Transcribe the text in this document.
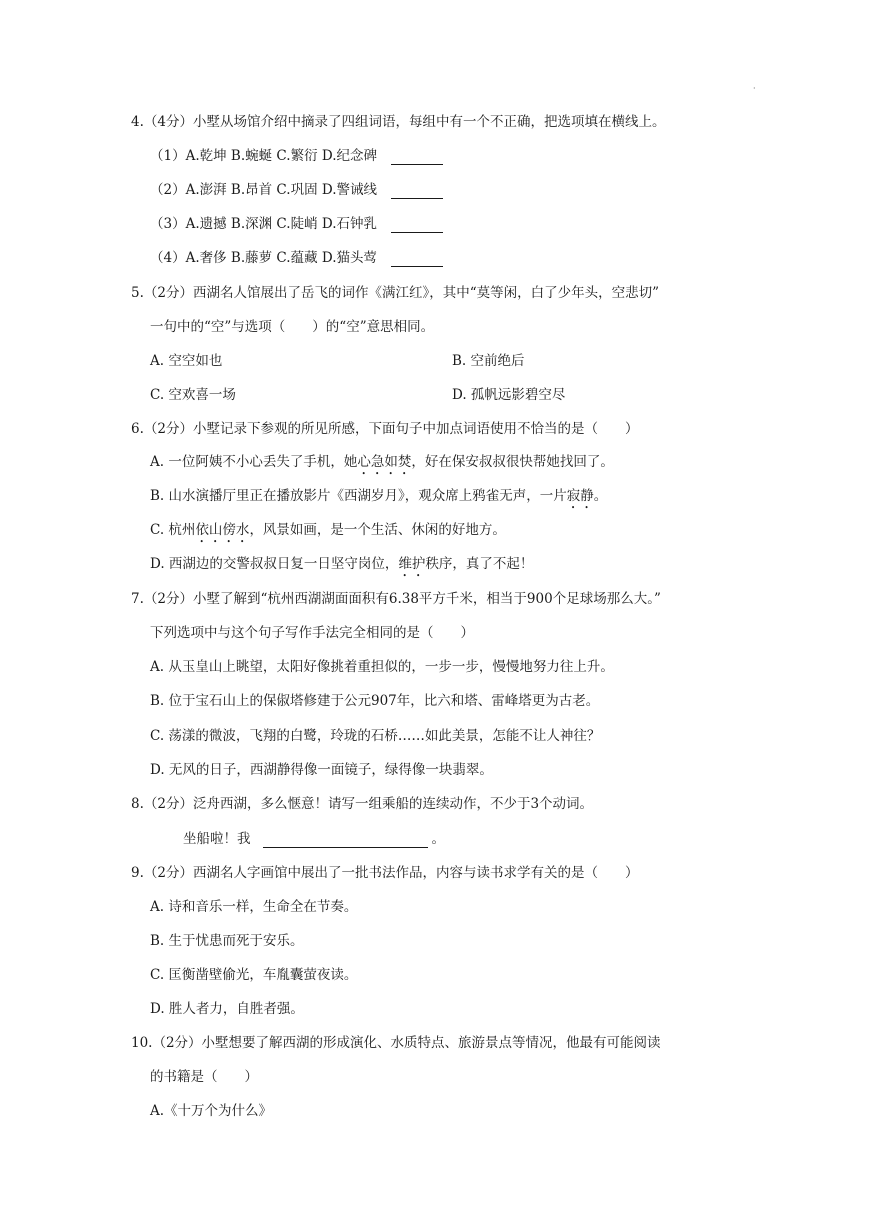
·
4.（4分）小墅从场馆介绍中摘录了四组词语，每组中有一个不正确，把选项填在横线上。
（1）A.乾坤 B.蜿蜒 C.繁衍 D.纪念碑
（2）A.澎湃 B.昂首 C.巩固 D.警诫线
（3）A.遗撼 B.深渊 C.陡峭 D.石钟乳
（4）A.奢侈 B.藤萝 C.蕴藏 D.猫头莺
5.（2分）西湖名人馆展出了岳飞的词作《满江红》，其中“莫等闲，白了少年头，空悲切”
一句中的“空”与选项（　　）的“空”意思相同。
A. 空空如也	B. 空前绝后
C. 空欢喜一场	D. 孤帆远影碧空尽
6.（2分）小墅记录下参观的所见所感，下面句子中加点词语使用不恰当的是（　　）
A. 一位阿姨不小心丢失了手机，她心急如焚，好在保安叔叔很快帮她找回了。
B. 山水演播厅里正在播放影片《西湖岁月》，观众席上鸦雀无声，一片寂静。
C. 杭州依山傍水，风景如画，是一个生活、休闲的好地方。
D. 西湖边的交警叔叔日复一日坚守岗位，维护秩序，真了不起！
7.（2分）小墅了解到“杭州西湖湖面面积有6.38平方千米，相当于900个足球场那么大。”
下列选项中与这个句子写作手法完全相同的是（　　）
A. 从玉皇山上眺望，太阳好像挑着重担似的，一步一步，慢慢地努力往上升。
B. 位于宝石山上的保俶塔修建于公元907年，比六和塔、雷峰塔更为古老。
C. 荡漾的微波，飞翔的白鹭，玲珑的石桥……如此美景，怎能不让人神往？
D. 无风的日子，西湖静得像一面镜子，绿得像一块翡翠。
8.（2分）泛舟西湖，多么惬意！请写一组乘船的连续动作，不少于3个动词。
坐船啦！我	。
9.（2分）西湖名人字画馆中展出了一批书法作品，内容与读书求学有关的是（　　）
A. 诗和音乐一样，生命全在节奏。
B. 生于忧患而死于安乐。
C. 匡衡凿壁偷光，车胤囊萤夜读。
D. 胜人者力，自胜者强。
10.（2分）小墅想要了解西湖的形成演化、水质特点、旅游景点等情况，他最有可能阅读
的书籍是（　　）
A.《十万个为什么》
